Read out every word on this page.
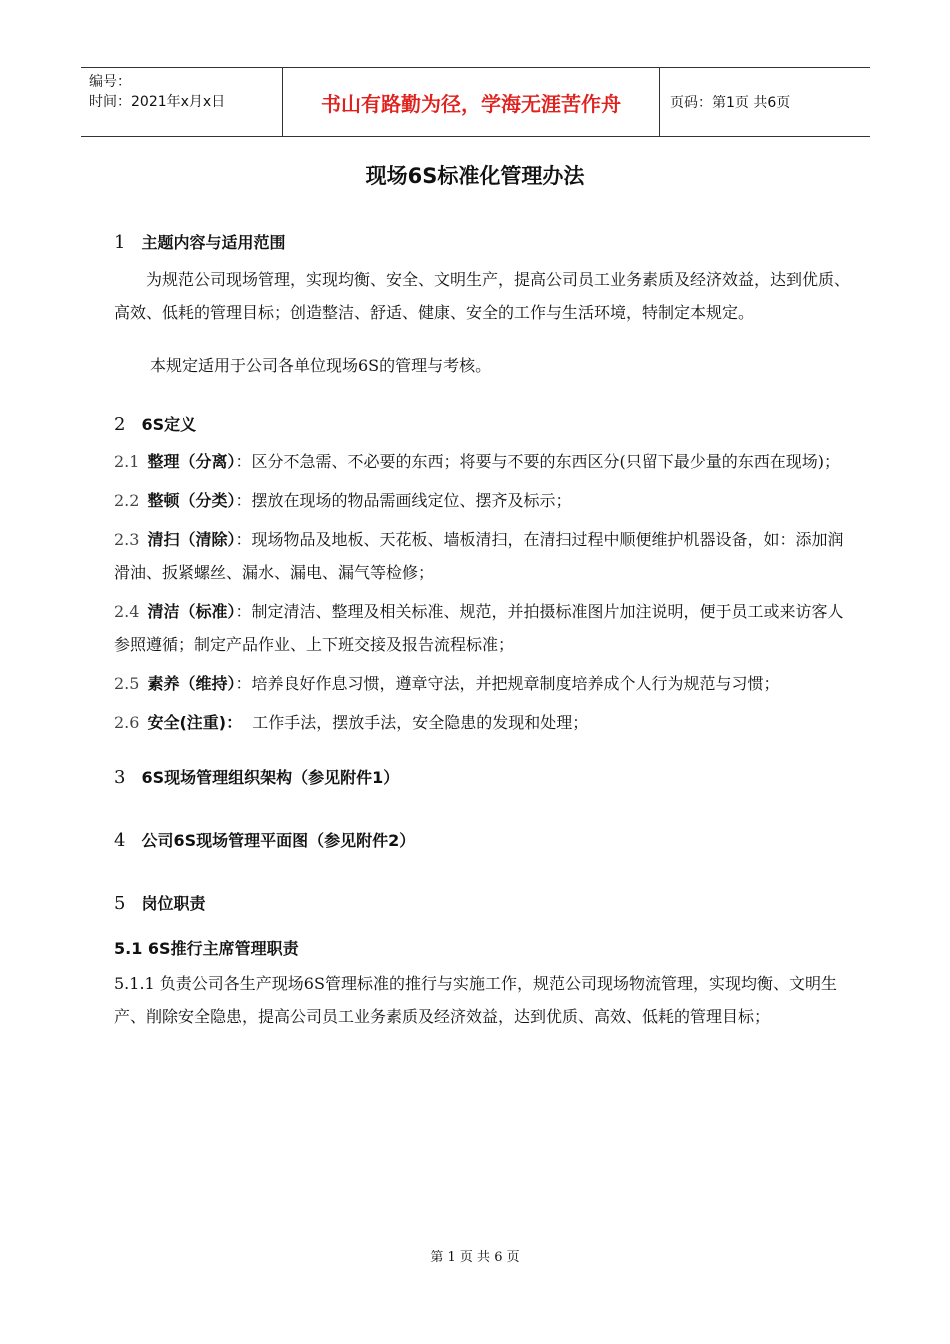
编号：
时间：2021年x月x日	书山有路勤为径，学海无涯苦作舟	页码：第1页 共6页
现场6S标准化管理办法
1 主题内容与适用范围

为规范公司现场管理，实现均衡、安全、文明生产，提高公司员工业务素质及经济效益，达到优质、高效、低耗的管理目标；创造整洁、舒适、健康、安全的工作与生活环境，特制定本规定。

本规定适用于公司各单位现场6S的管理与考核。

2 6S定义
2.1 整理（分离）：区分不急需、不必要的东西；将要与不要的东西区分(只留下最少量的东西在现场)；
2.2 整顿（分类）：摆放在现场的物品需画线定位、摆齐及标示；
2.3 清扫（清除）：现场物品及地板、天花板、墙板清扫，在清扫过程中顺便维护机器设备，如：添加润滑油、扳紧螺丝、漏水、漏电、漏气等检修；
2.4 清洁（标准）：制定清洁、整理及相关标准、规范，并拍摄标准图片加注说明，便于员工或来访客人参照遵循；制定产品作业、上下班交接及报告流程标准；
2.5 素养（维持）：培养良好作息习惯，遵章守法，并把规章制度培养成个人行为规范与习惯；
2.6 安全(注重)：  工作手法，摆放手法，安全隐患的发现和处理；
3 6S现场管理组织架构（参见附件1）
4 公司6S现场管理平面图（参见附件2）
5 岗位职责
5.1 6S推行主席管理职责

5.1.1 负责公司各生产现场6S管理标准的推行与实施工作，规范公司现场物流管理，实现均衡、文明生产、削除安全隐患，提高公司员工业务素质及经济效益，达到优质、高效、低耗的管理目标；

第 1 页 共 6 页
